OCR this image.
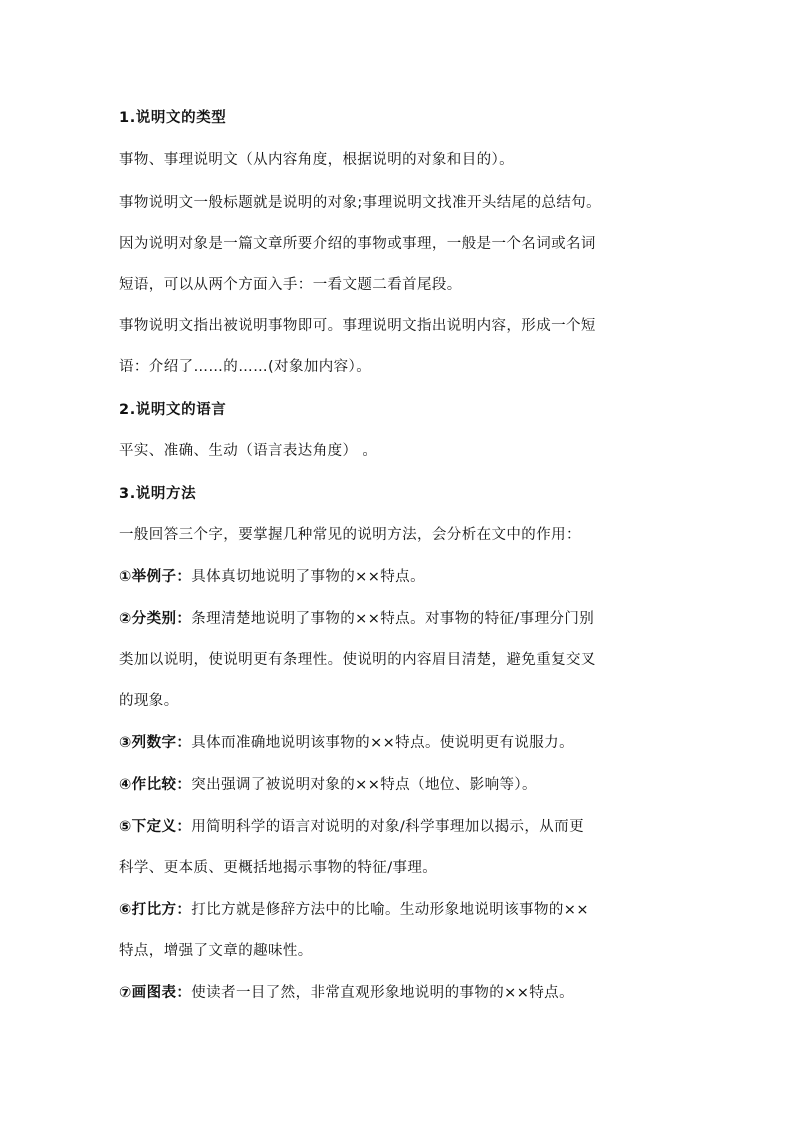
1.说明文的类型
事物、事理说明文（从内容角度，根据说明的对象和目的）。
事物说明文一般标题就是说明的对象;事理说明文找准开头结尾的总结句。
因为说明对象是一篇文章所要介绍的事物或事理，一般是一个名词或名词
短语，可以从两个方面入手：一看文题二看首尾段。
事物说明文指出被说明事物即可。事理说明文指出说明内容，形成一个短
语：介绍了……的……(对象加内容）。
2.说明文的语言
平实、准确、生动（语言表达角度） 。
3.说明方法
一般回答三个字，要掌握几种常见的说明方法，会分析在文中的作用：
①举例子：具体真切地说明了事物的××特点。
②分类别：条理清楚地说明了事物的××特点。对事物的特征/事理分门别
类加以说明，使说明更有条理性。使说明的内容眉目清楚，避免重复交叉
的现象。
③列数字：具体而准确地说明该事物的××特点。使说明更有说服力。
④作比较：突出强调了被说明对象的××特点（地位、影响等）。
⑤下定义：用简明科学的语言对说明的对象/科学事理加以揭示，从而更
科学、更本质、更概括地揭示事物的特征/事理。
⑥打比方：打比方就是修辞方法中的比喻。生动形象地说明该事物的××
特点，增强了文章的趣味性。
⑦画图表：使读者一目了然，非常直观形象地说明的事物的××特点。
